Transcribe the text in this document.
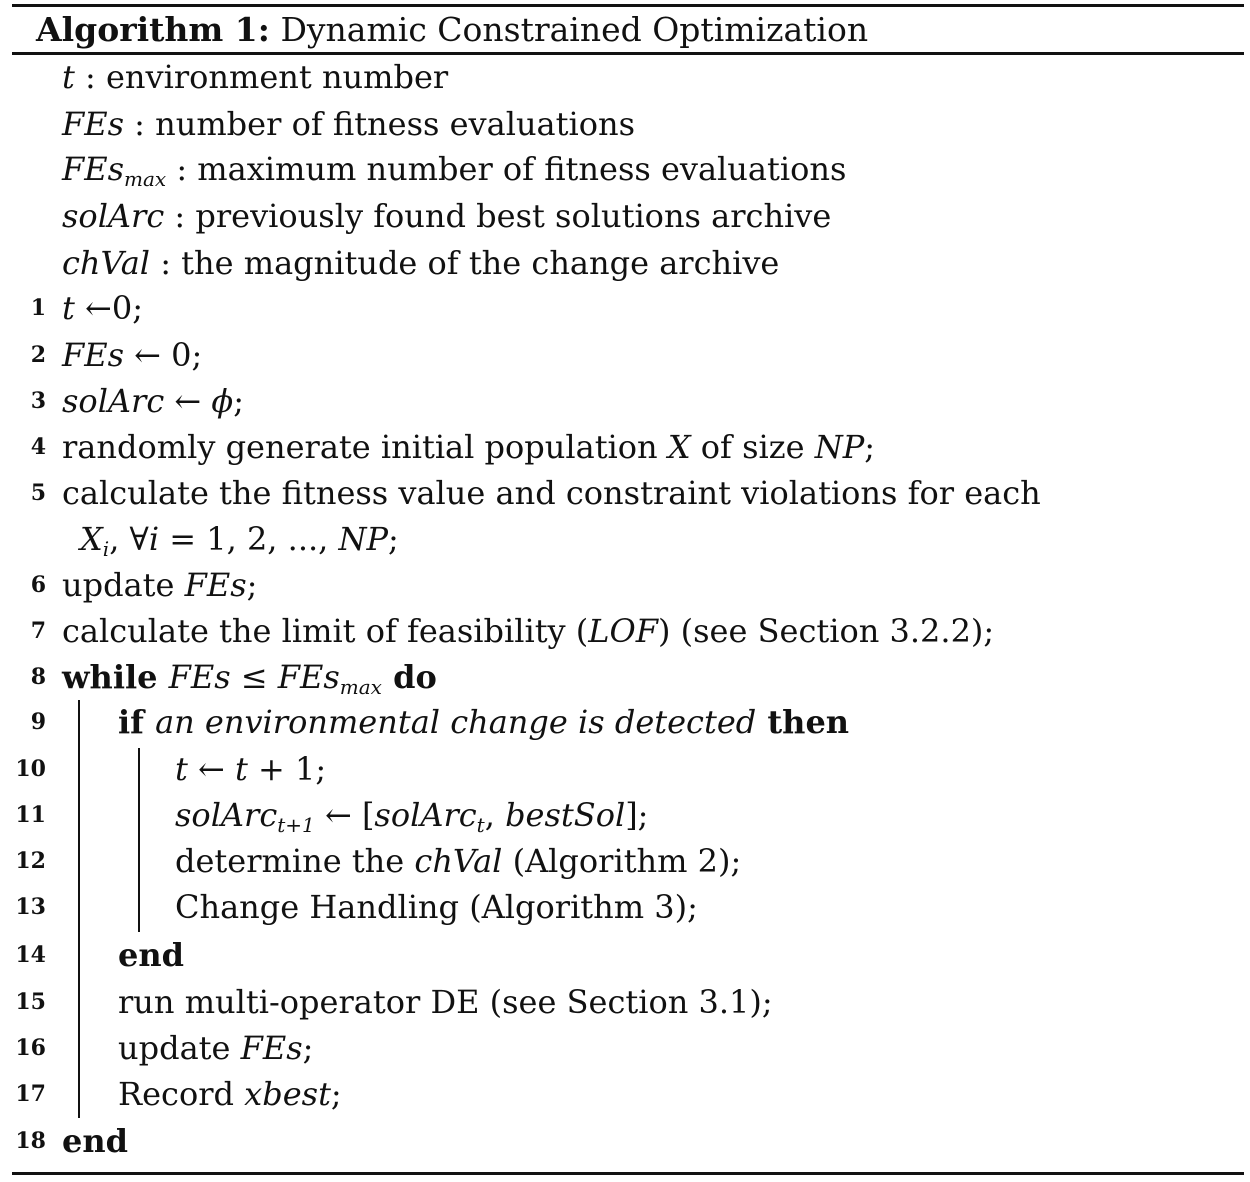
Algorithm 1: Dynamic Constrained Optimization
t : environment number
FEs : number of fitness evaluations
FEs$_{max}$ : maximum number of fitness evaluations
solArc : previously found best solutions archive
chVal : the magnitude of the change archive
1 t ←0;
2 FEs ← 0;
3 solArc ← ϕ;
4 randomly generate initial population X of size NP;
5 calculate the fitness value and constraint violations for each
$X_i$, ∀i = 1, 2, ..., NP;
6 update FEs;
7 calculate the limit of feasibility (LOF) (see Section 3.2.2);
8 while FEs ≤ FEs$_{max}$ do
9 if an environmental change is detected then
10	t ← t + 1;
11	solArc$_{t+1}$ ← [solArc$_t$, bestSol];
12	determine the chVal (Algorithm 2);
13	Change Handling (Algorithm 3);
14 end
15 run multi-operator DE (see Section 3.1);
16 update FEs;
17 Record xbest;
18 end
